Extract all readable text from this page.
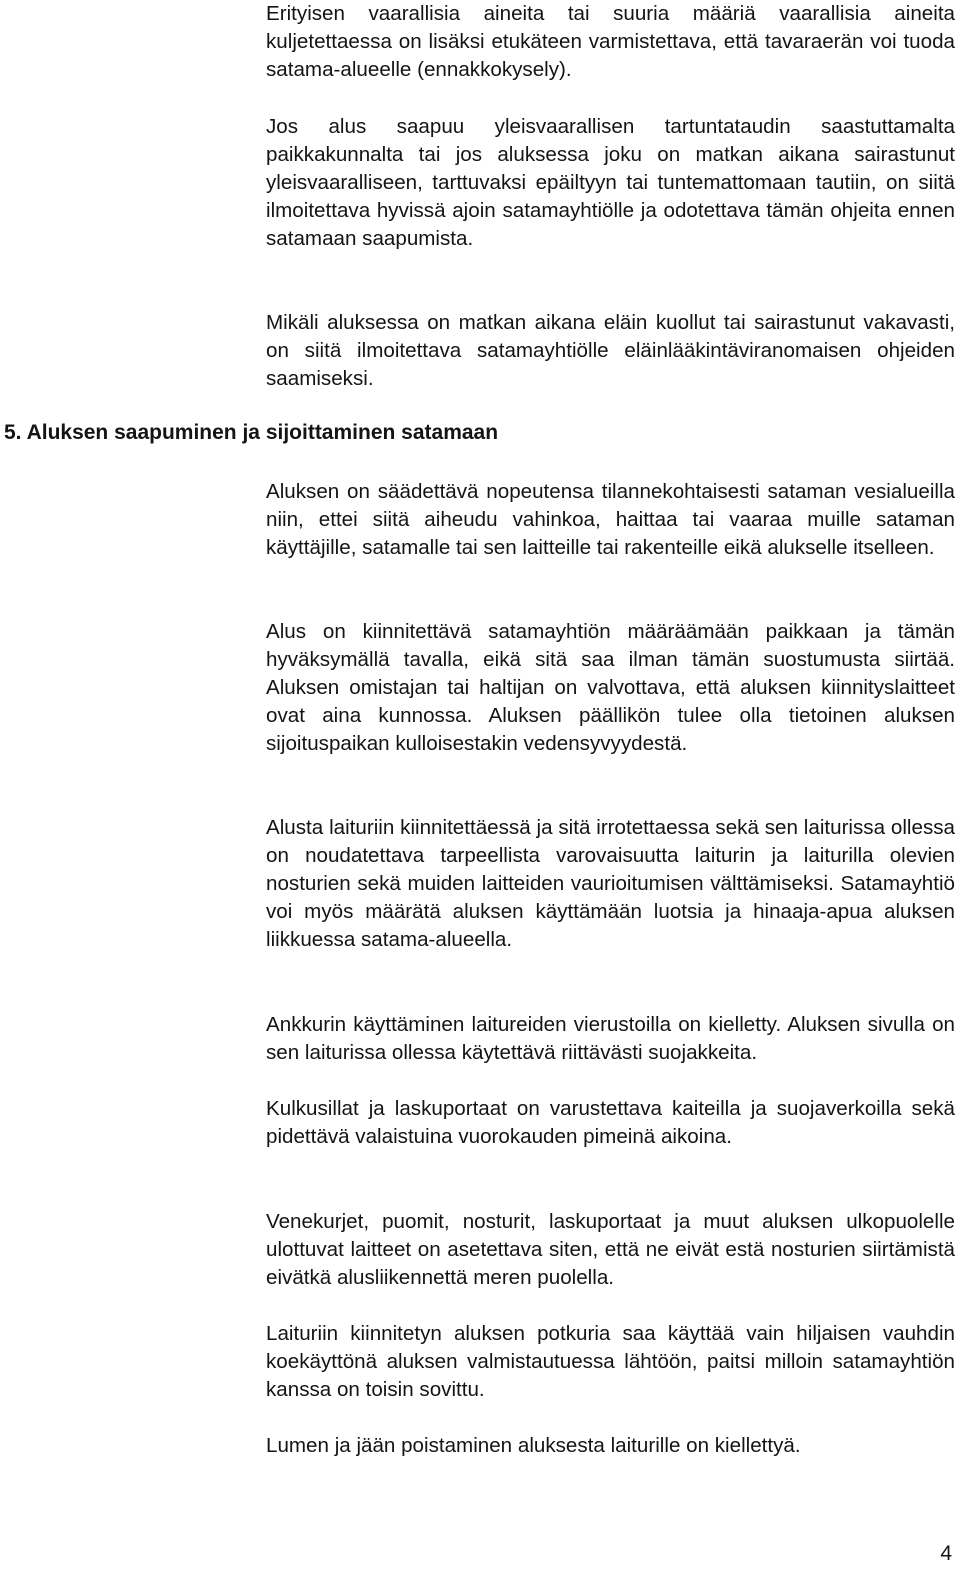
Erityisen vaarallisia aineita tai suuria määriä vaarallisia aineita kuljetettaessa on lisäksi etukäteen varmistettava, että tavaraerän voi tuoda satama-alueelle (ennakkokysely).

Jos alus saapuu yleisvaarallisen tartuntataudin saastuttamalta paikkakunnalta tai jos aluksessa joku on matkan aikana sairastunut yleisvaaralliseen, tarttuvaksi epäiltyyn tai tuntemattomaan tautiin, on siitä ilmoitettava hyvissä ajoin satamayhtiölle ja odotettava tämän ohjeita ennen satamaan saapumista.

Mikäli aluksessa on matkan aikana eläin kuollut tai sairastunut vakavasti, on siitä ilmoitettava satamayhtiölle eläinlääkintäviranomaisen ohjeiden saamiseksi.

5. Aluksen saapuminen ja sijoittaminen satamaan

Aluksen on säädettävä nopeutensa tilannekohtaisesti sataman vesialueilla niin, ettei siitä aiheudu vahinkoa, haittaa tai vaaraa muille sataman käyttäjille, satamalle tai sen laitteille tai rakenteille eikä alukselle itselleen.

Alus on kiinnitettävä satamayhtiön määräämään paikkaan ja tämän hyväksymällä tavalla, eikä sitä saa ilman tämän suostumusta siirtää. Aluksen omistajan tai haltijan on valvottava, että aluksen kiinnityslaitteet ovat aina kunnossa. Aluksen päällikön tulee olla tietoinen aluksen sijoituspaikan kulloisestakin vedensyvyydestä.

Alusta laituriin kiinnitettäessä ja sitä irrotettaessa sekä sen laiturissa ollessa on noudatettava tarpeellista varovaisuutta laiturin ja laiturilla olevien nosturien sekä muiden laitteiden vaurioitumisen välttämiseksi. Satamayhtiö voi myös määrätä aluksen käyttämään luotsia ja hinaaja-apua aluksen liikkuessa satama-alueella.

Ankkurin käyttäminen laitureiden vierustoilla on kielletty. Aluksen sivulla on sen laiturissa ollessa käytettävä riittävästi suojakkeita.

Kulkusillat ja laskuportaat on varustettava kaiteilla ja suojaverkoilla sekä pidettävä valaistuina vuorokauden pimeinä aikoina.

Venekurjet, puomit, nosturit, laskuportaat ja muut aluksen ulkopuolelle ulottuvat laitteet on asetettava siten, että ne eivät estä nosturien siirtämistä eivätkä alusliikennettä meren puolella.

Laituriin kiinnitetyn aluksen potkuria saa käyttää vain hiljaisen vauhdin koekäyttönä aluksen valmistautuessa lähtöön, paitsi milloin satamayhtiön kanssa on toisin sovittu.

Lumen ja jään poistaminen aluksesta laiturille on kiellettyä.

4
